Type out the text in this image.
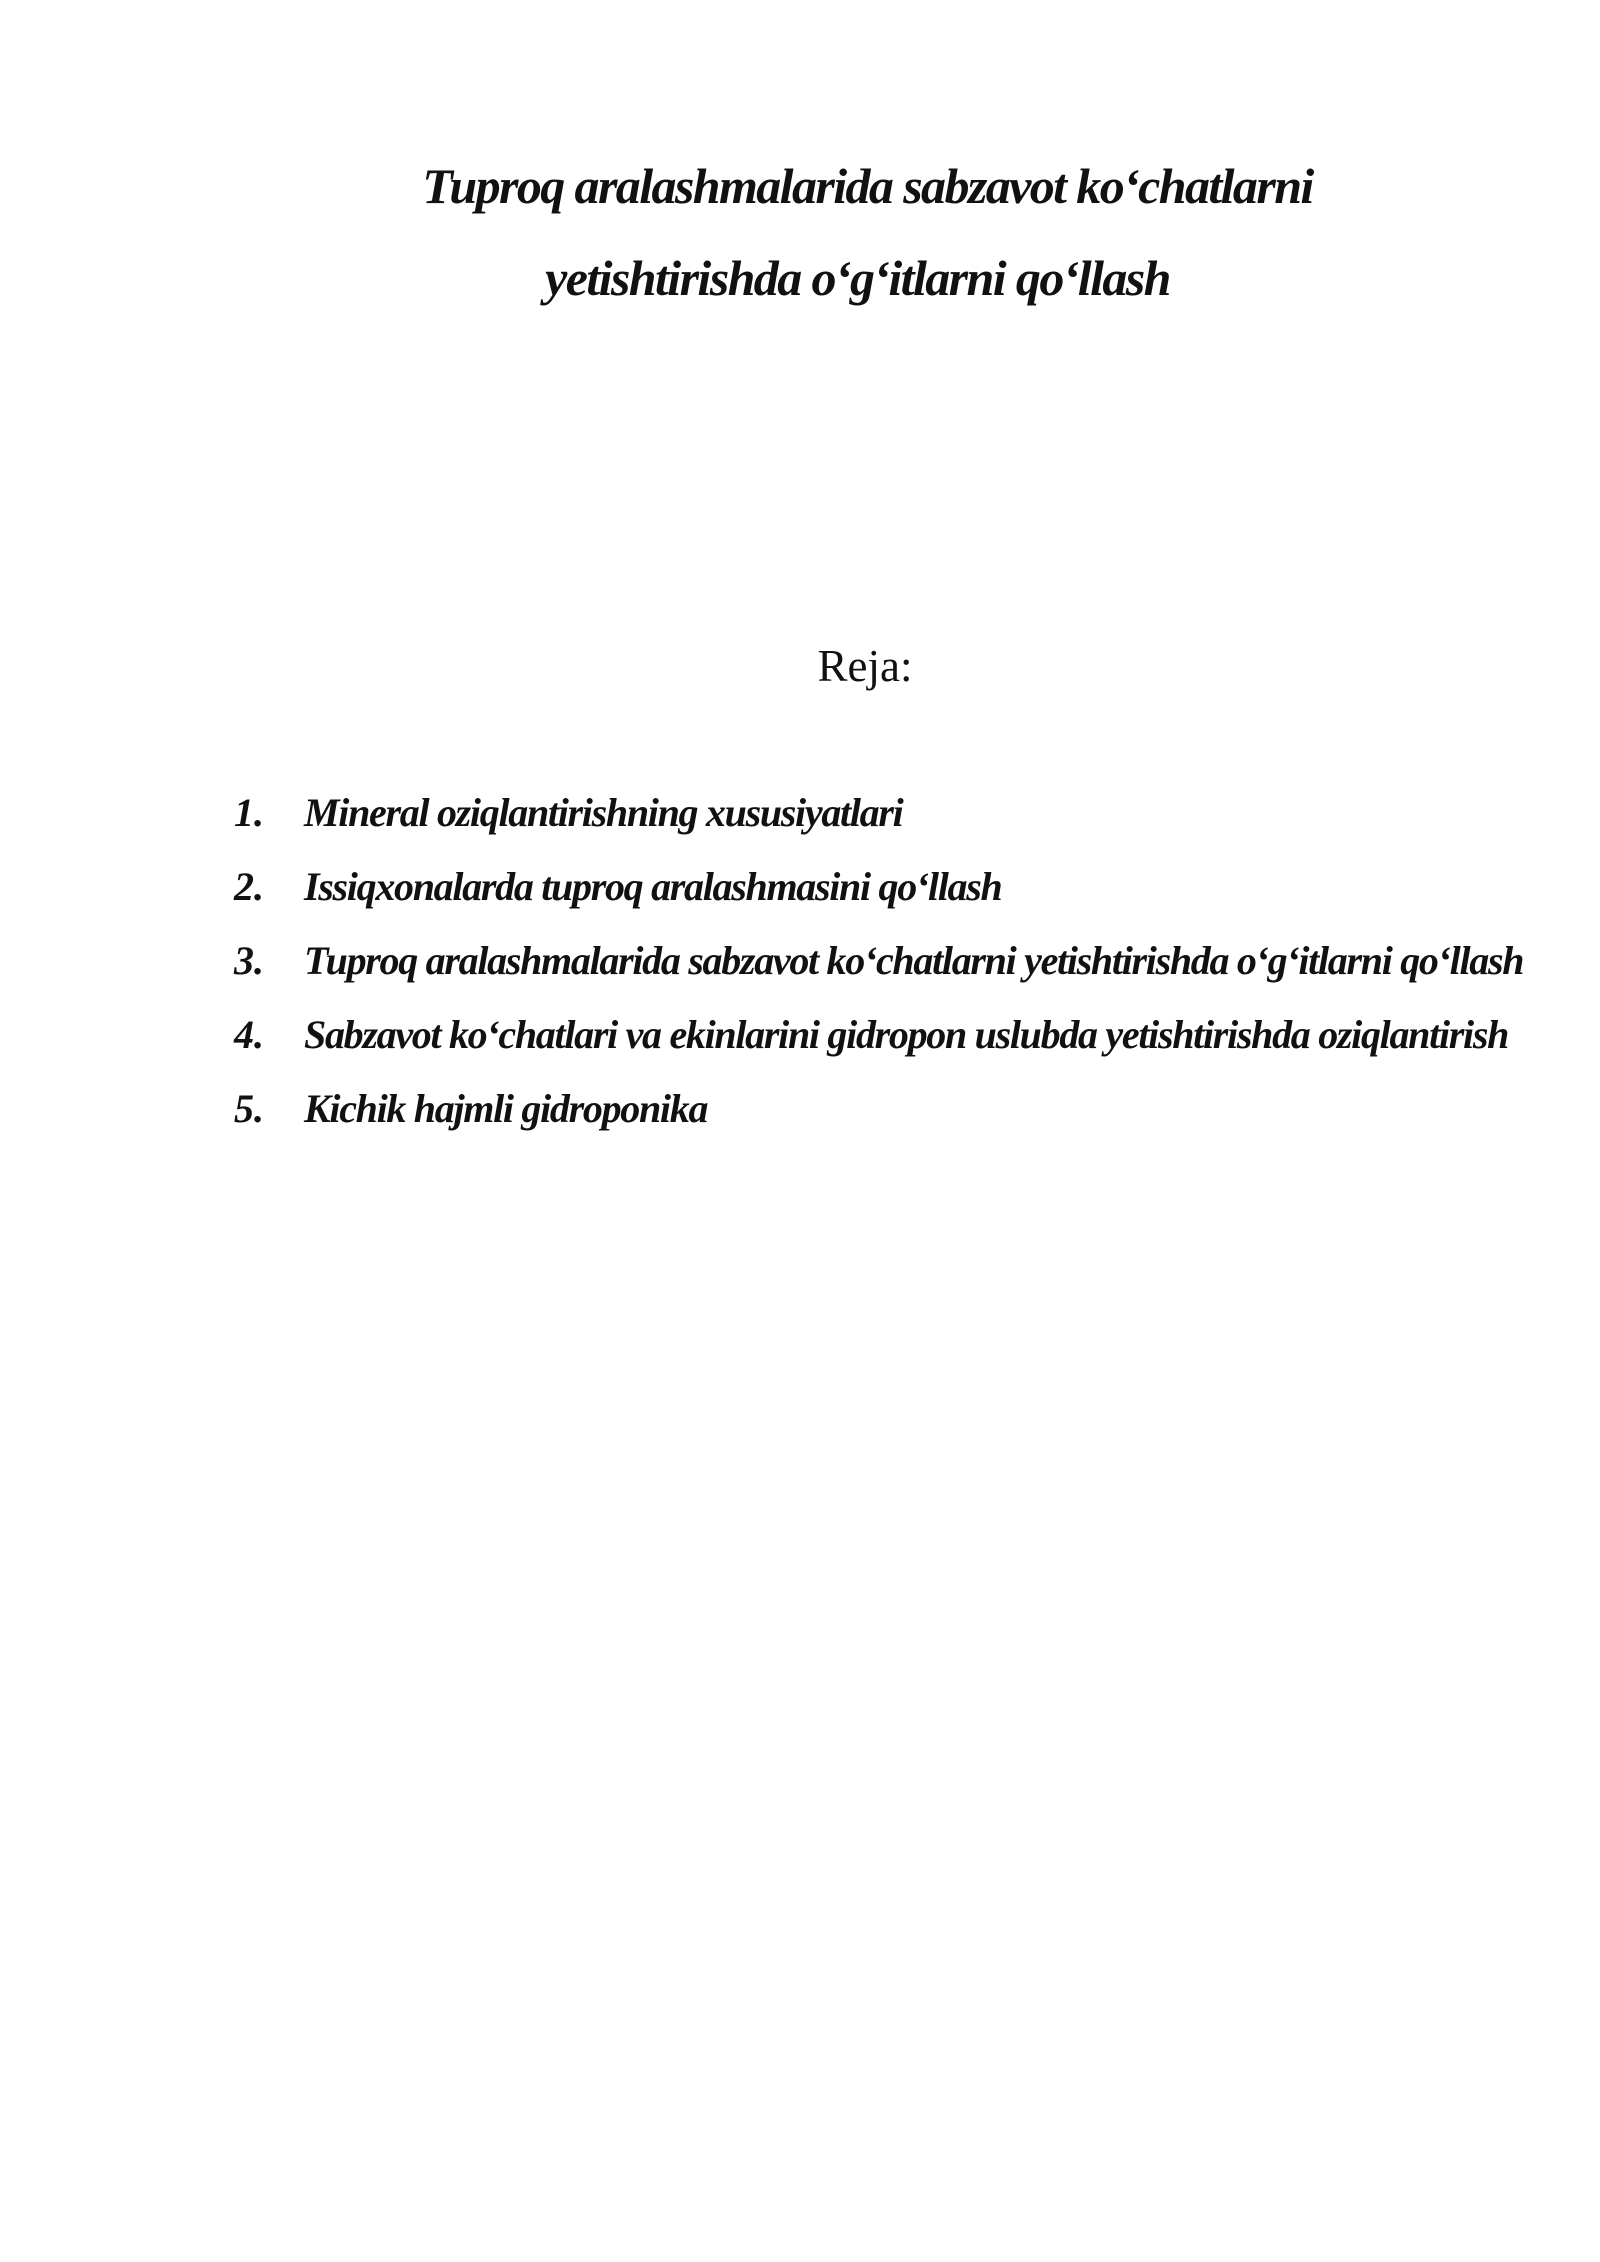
Tuproq aralashmalarida sabzavot ko‘chatlarni
yetishtirishda o‘g‘itlarni qo‘llash
Reja:
1. Mineral oziqlantirishning xususiyatlari
2. Issiqxonalarda tuproq aralashmasini qo‘llash
3. Tuproq aralashmalarida sabzavot ko‘chatlarni yetishtirishda o‘g‘itlarni qo‘llash
4. Sabzavot ko‘chatlari va ekinlarini gidropon uslubda yetishtirishda oziqlantirish
5. Kichik hajmli gidroponika
